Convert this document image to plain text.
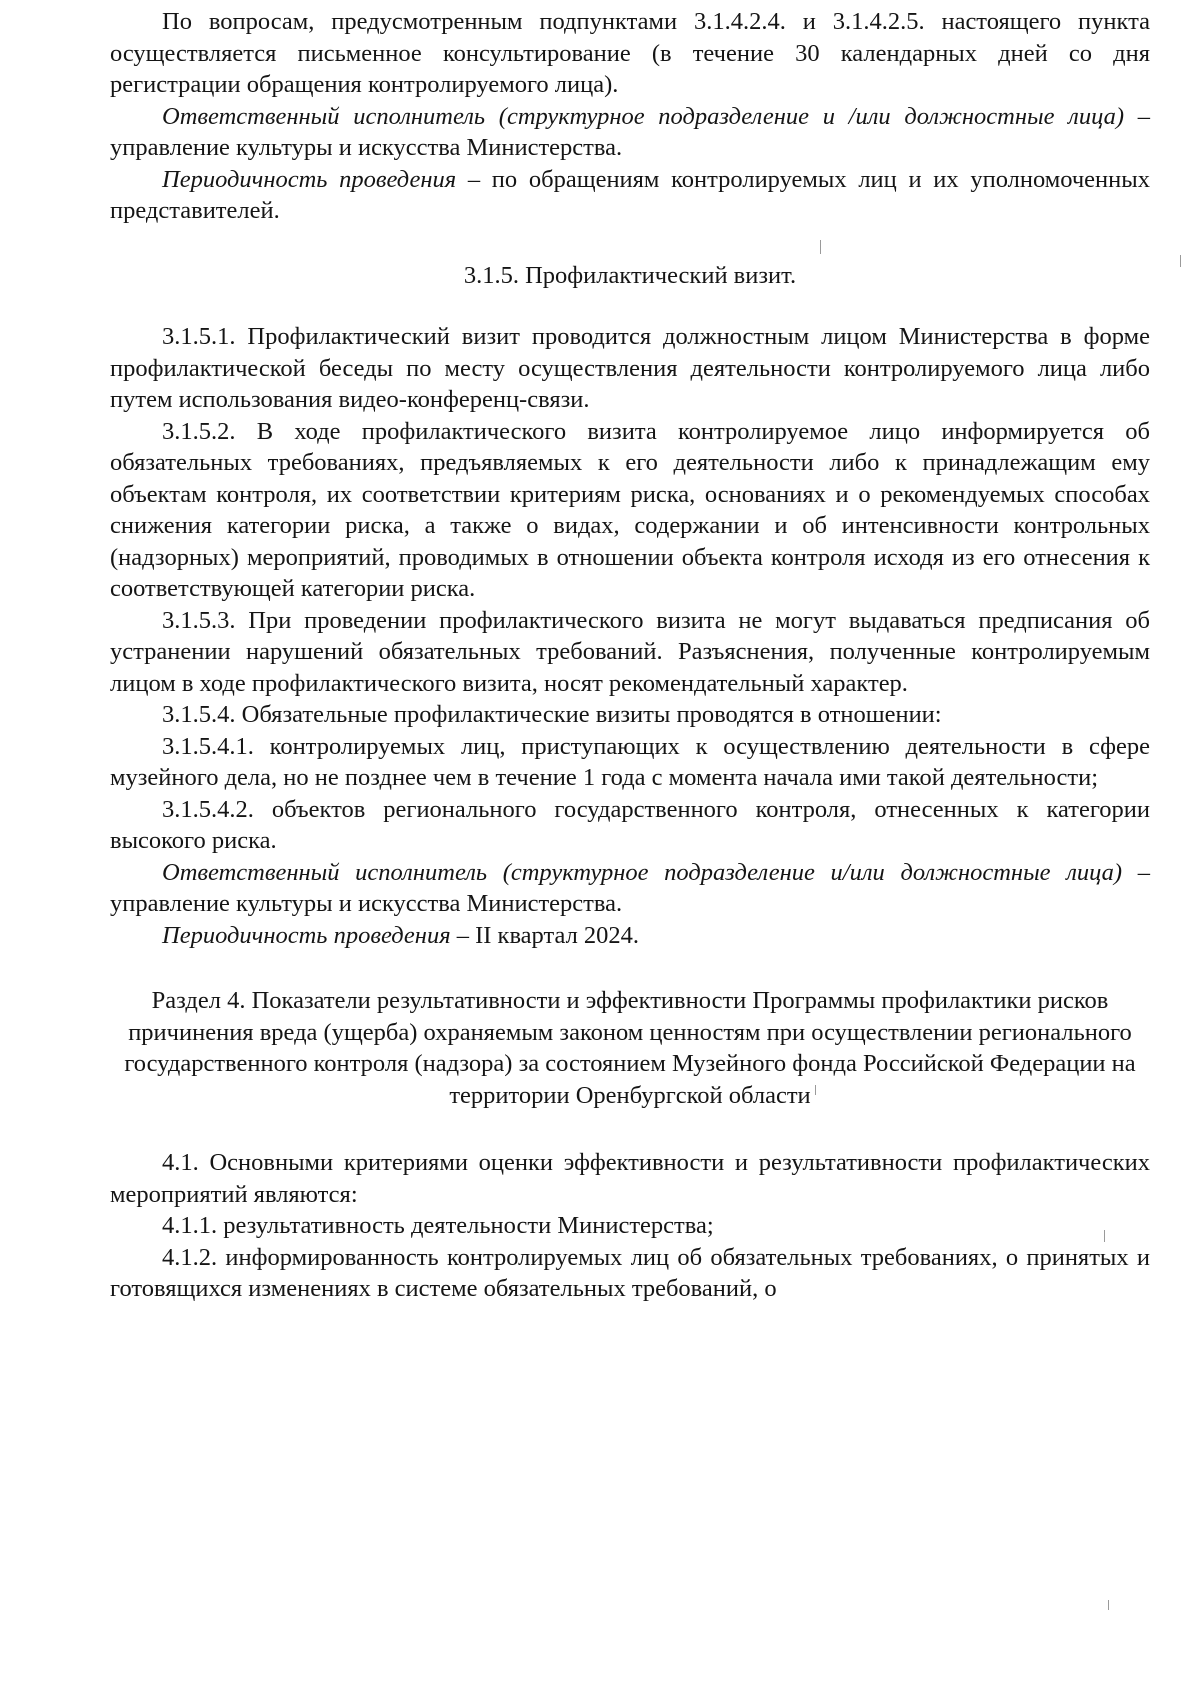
По вопросам, предусмотренным подпунктами 3.1.4.2.4. и 3.1.4.2.5. настоящего пункта осуществляется письменное консультирование (в течение 30 календарных дней со дня регистрации обращения контролируемого лица).

Ответственный исполнитель (структурное подразделение и /или должностные лица) – управление культуры и искусства Министерства.

Периодичность проведения – по обращениям контролируемых лиц и их уполномоченных представителей.

3.1.5. Профилактический визит.

3.1.5.1. Профилактический визит проводится должностным лицом Министерства в форме профилактической беседы по месту осуществления деятельности контролируемого лица либо путем использования видео-конференц-связи.

3.1.5.2. В ходе профилактического визита контролируемое лицо информируется об обязательных требованиях, предъявляемых к его деятельности либо к принадлежащим ему объектам контроля, их соответствии критериям риска, основаниях и о рекомендуемых способах снижения категории риска, а также о видах, содержании и об интенсивности контрольных (надзорных) мероприятий, проводимых в отношении объекта контроля исходя из его отнесения к соответствующей категории риска.

3.1.5.3. При проведении профилактического визита не могут выдаваться предписания об устранении нарушений обязательных требований. Разъяснения, полученные контролируемым лицом в ходе профилактического визита, носят рекомендательный характер.

3.1.5.4. Обязательные профилактические визиты проводятся в отношении:

3.1.5.4.1. контролируемых лиц, приступающих к осуществлению деятельности в сфере музейного дела, но не позднее чем в течение 1 года с момента начала ими такой деятельности;

3.1.5.4.2. объектов регионального государственного контроля, отнесенных к категории высокого риска.

Ответственный исполнитель (структурное подразделение и/или должностные лица) – управление культуры и искусства Министерства.

Периодичность проведения – II квартал 2024.

Раздел 4. Показатели результативности и эффективности Программы профилактики рисков причинения вреда (ущерба) охраняемым законом ценностям при осуществлении регионального государственного контроля (надзора) за состоянием Музейного фонда Российской Федерации на территории Оренбургской области

4.1. Основными критериями оценки эффективности и результативности профилактических мероприятий являются:

4.1.1. результативность деятельности Министерства;

4.1.2. информированность контролируемых лиц об обязательных требованиях, о принятых и готовящихся изменениях в системе обязательных требований, о
